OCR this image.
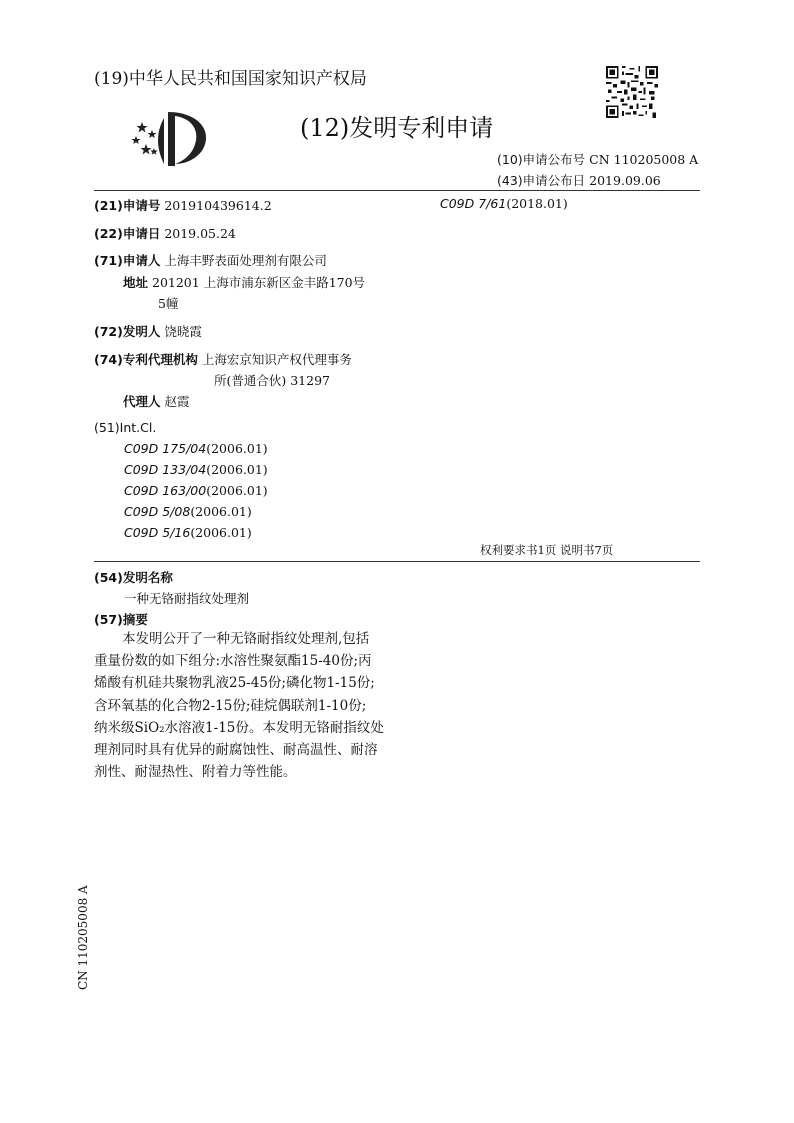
(19)中华人民共和国国家知识产权局
(12)发明专利申请
(10)申请公布号 CN 110205008 A
(43)申请公布日 2019.09.06
(21)申请号 201910439614.2	C09D 7/61(2018.01)
(22)申请日 2019.05.24
(71)申请人 上海丰野表面处理剂有限公司
地址 201201 上海市浦东新区金丰路170号
5幢
(72)发明人 饶晓霞
(74)专利代理机构 上海宏京知识产权代理事务
所(普通合伙) 31297
代理人 赵霞
(51)Int.Cl.
C09D 175/04(2006.01)
C09D 133/04(2006.01)
C09D 163/00(2006.01)
C09D 5/08(2006.01)
C09D 5/16(2006.01)
权利要求书1页 说明书7页
(54)发明名称
一种无铬耐指纹处理剂
(57)摘要
本发明公开了一种无铬耐指纹处理剂,包括
重量份数的如下组分:水溶性聚氨酯15-40份;丙
烯酸有机硅共聚物乳液25-45份;磷化物1-15份;
含环氧基的化合物2-15份;硅烷偶联剂1-10份;
纳米级SiO₂水溶液1-15份。本发明无铬耐指纹处
理剂同时具有优异的耐腐蚀性、耐高温性、耐溶
剂性、耐湿热性、附着力等性能。
CN 110205008 A
